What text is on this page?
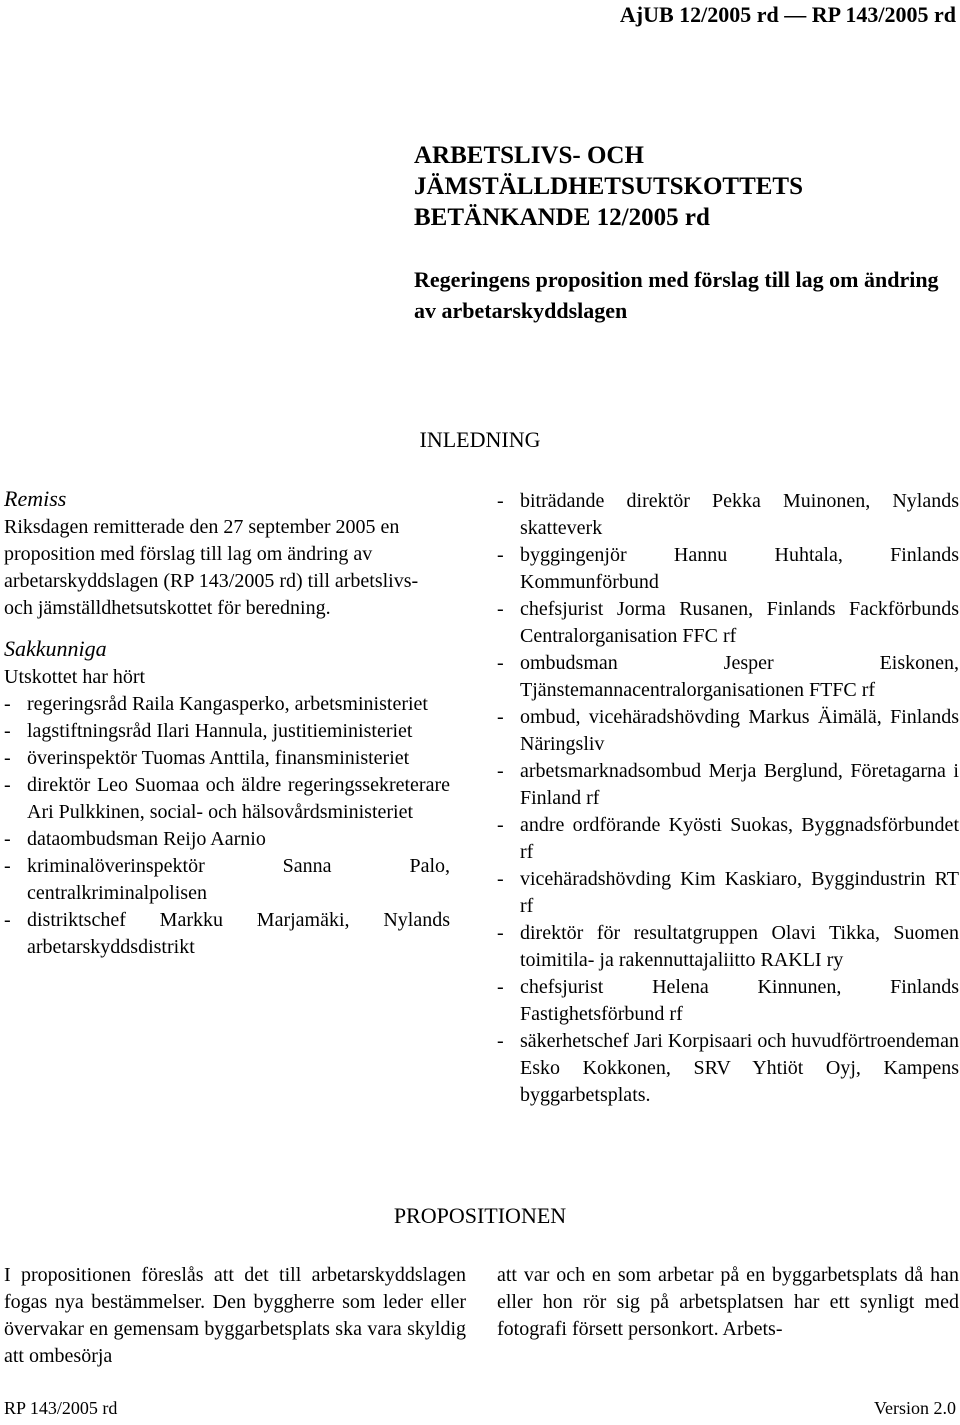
AjUB 12/2005 rd — RP 143/2005 rd
ARBETSLIVS- OCH
JÄMSTÄLLDHETSUTSKOTTETS
BETÄNKANDE 12/2005 rd
Regeringens proposition med förslag till lag om ändring av arbetarskyddslagen
INLEDNING
Remiss

Riksdagen remitterade den 27 september 2005 en proposition med förslag till lag om ändring av arbetarskyddslagen (RP 143/2005 rd) till arbetslivs- och jämställdhetsutskottet för beredning.

Sakkunniga
Utskottet har hört
- regeringsråd Raila Kangasperko, arbetsministeriet
- lagstiftningsråd Ilari Hannula, justitieministeriet
- överinspektör Tuomas Anttila, finansministeriet
- direktör Leo Suomaa och äldre regeringssekreterare Ari Pulkkinen, social- och hälsovårdsministeriet
- dataombudsman Reijo Aarnio
- kriminalöverinspektör Sanna Palo, centralkriminalpolisen
- distriktschef Markku Marjamäki, Nylands arbetarskyddsdistrikt
- biträdande direktör Pekka Muinonen, Nylands skatteverk
- byggingenjör Hannu Huhtala, Finlands Kommunförbund
- chefsjurist Jorma Rusanen, Finlands Fackförbunds Centralorganisation FFC rf
- ombudsman Jesper Eiskonen, Tjänstemannacentralorganisationen FTFC rf
- ombud, vicehäradshövding Markus Äimälä, Finlands Näringsliv
- arbetsmarknadsombud Merja Berglund, Företagarna i Finland rf
- andre ordförande Kyösti Suokas, Byggnadsförbundet rf
- vicehäradshövding Kim Kaskiaro, Byggindustrin RT rf
- direktör för resultatgruppen Olavi Tikka, Suomen toimitila- ja rakennuttajaliitto RAKLI ry
- chefsjurist Helena Kinnunen, Finlands Fastighetsförbund rf
- säkerhetschef Jari Korpisaari och huvudförtroendeman Esko Kokkonen, SRV Yhtiöt Oyj, Kampens byggarbetsplats.
PROPOSITIONEN

I propositionen föreslås att det till arbetarskyddslagen fogas nya bestämmelser. Den byggherre som leder eller övervakar en gemensam byggarbetsplats ska vara skyldig att ombesörja

att var och en som arbetar på en byggarbetsplats då han eller hon rör sig på arbetsplatsen har ett synligt med fotografi försett personkort. Arbets-

RP 143/2005 rd	Version 2.0
